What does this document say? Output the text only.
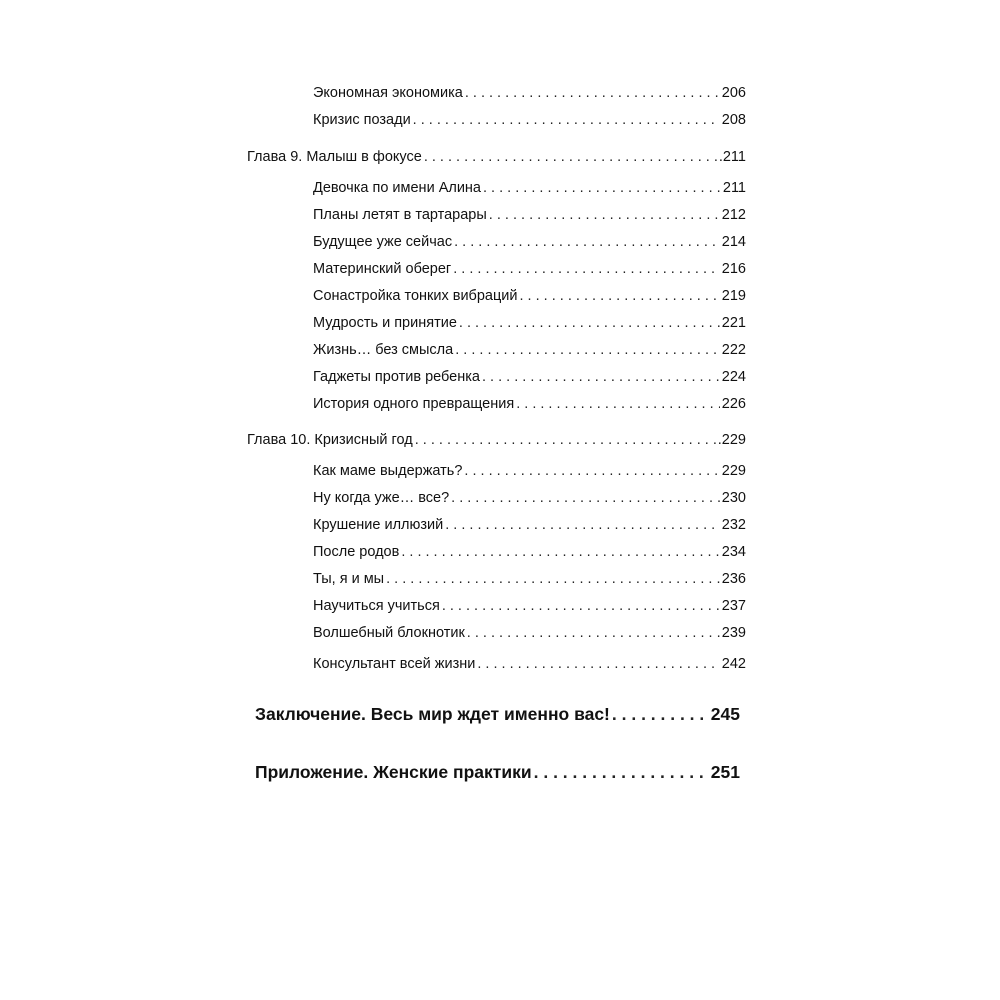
Экономная экономика . . .	206
Кризис позади . . .	208
Глава 9. Малыш в фокусе . . .	.211
Девочка по имени Алина . . .	211
Планы летят в тартарары . . .	212
Будущее уже сейчас . . .	214
Материнский оберег . . .	216
Сонастройка тонких вибраций . . .	219
Мудрость и принятие . . .	221
Жизнь… без смысла . . .	222
Гаджеты против ребенка . . .	224
История одного превращения . . .	226
Глава 10. Кризисный год . . .	.229
Как маме выдержать? . . .	229
Ну когда уже… все? . . .	230
Крушение иллюзий . . .	232
После родов . . .	234
Ты, я и мы . . .	236
Научиться учиться . . .	237
Волшебный блокнотик . . .	239
Консультант всей жизни . . .	242
Заключение. Весь мир ждет именно вас! . . .	245
Приложение. Женские практики . . .	251
